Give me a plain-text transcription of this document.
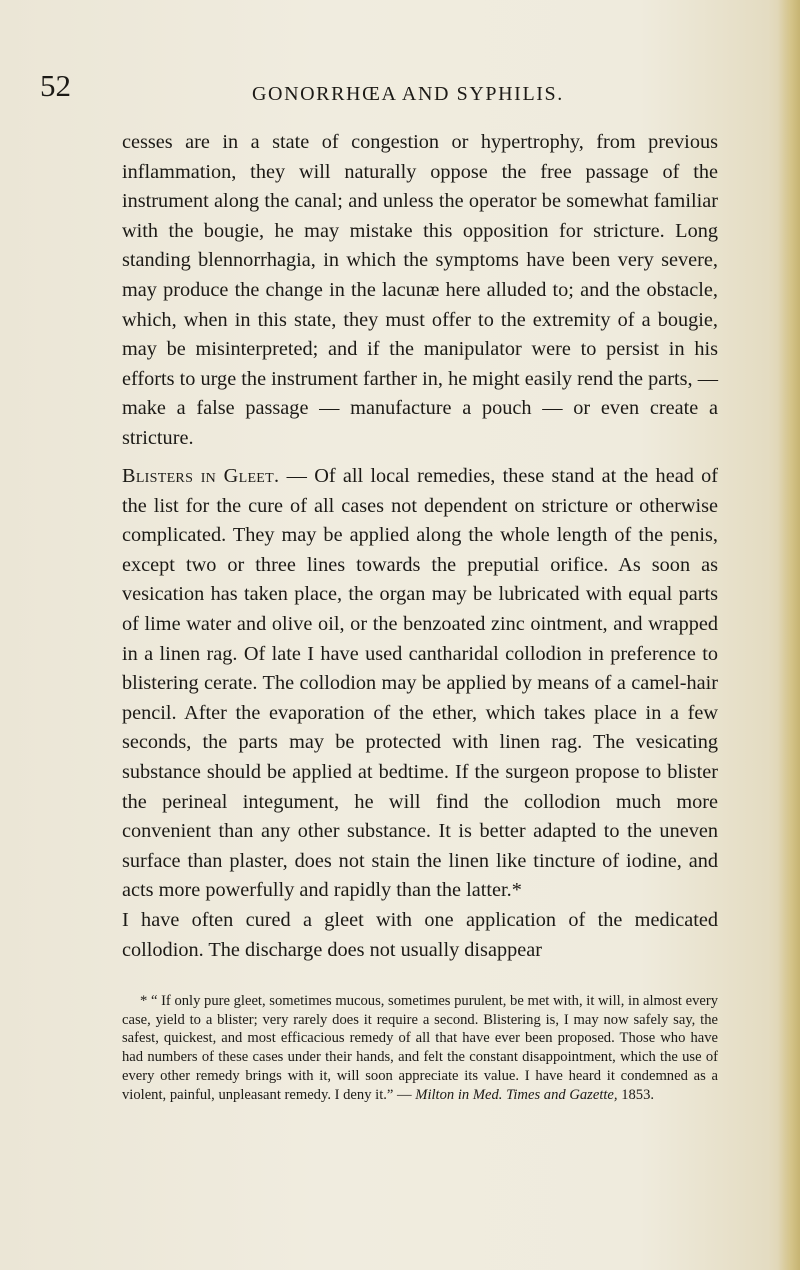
52	GONORRHŒA AND SYPHILIS.

cesses are in a state of congestion or hypertrophy, from previous inflammation, they will naturally oppose the free passage of the instrument along the canal; and unless the operator be somewhat familiar with the bougie, he may mistake this opposition for stricture. Long standing blennorrhagia, in which the symptoms have been very severe, may produce the change in the lacunæ here alluded to; and the obstacle, which, when in this state, they must offer to the extremity of a bougie, may be misinterpreted; and if the manipulator were to persist in his efforts to urge the instrument farther in, he might easily rend the parts, — make a false passage — manufacture a pouch — or even create a stricture.

Blisters in Gleet. — Of all local remedies, these stand at the head of the list for the cure of all cases not dependent on stricture or otherwise complicated. They may be applied along the whole length of the penis, except two or three lines towards the preputial orifice. As soon as vesication has taken place, the organ may be lubricated with equal parts of lime water and olive oil, or the benzoated zinc ointment, and wrapped in a linen rag. Of late I have used cantharidal collodion in preference to blistering cerate. The collodion may be applied by means of a camel-hair pencil. After the evaporation of the ether, which takes place in a few seconds, the parts may be protected with linen rag. The vesicating substance should be applied at bedtime. If the surgeon propose to blister the perineal integument, he will find the collodion much more convenient than any other substance. It is better adapted to the uneven surface than plaster, does not stain the linen like tincture of iodine, and acts more powerfully and rapidly than the latter.*

I have often cured a gleet with one application of the medicated collodion. The discharge does not usually disappear

* “ If only pure gleet, sometimes mucous, sometimes purulent, be met with, it will, in almost every case, yield to a blister; very rarely does it require a second. Blistering is, I may now safely say, the safest, quickest, and most efficacious remedy of all that have ever been proposed. Those who have had numbers of these cases under their hands, and felt the constant disappointment, which the use of every other remedy brings with it, will soon appreciate its value. I have heard it condemned as a violent, painful, unpleasant remedy. I deny it.” — Milton in Med. Times and Gazette, 1853.
